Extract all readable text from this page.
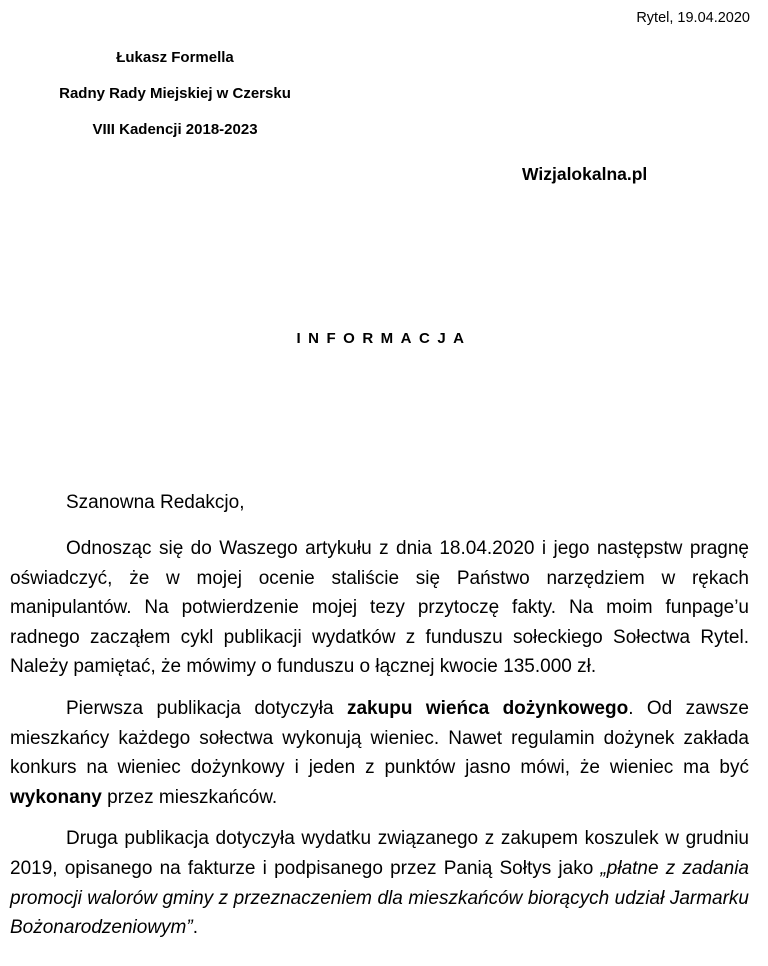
Rytel, 19.04.2020
Łukasz Formella
Radny Rady Miejskiej w Czersku
VIII Kadencji 2018-2023
Wizjalokalna.pl
INFORMACJA
Szanowna Redakcjo,

Odnosząc się do Waszego artykułu z dnia 18.04.2020 i jego następstw pragnę oświadczyć, że w mojej ocenie staliście się Państwo narzędziem w rękach manipulantów. Na potwierdzenie mojej tezy przytoczę fakty. Na moim funpage’u radnego zacząłem cykl publikacji wydatków z funduszu sołeckiego Sołectwa Rytel. Należy pamiętać, że mówimy o funduszu o łącznej kwocie 135.000 zł.

Pierwsza publikacja dotyczyła zakupu wieńca dożynkowego. Od zawsze mieszkańcy każdego sołectwa wykonują wieniec. Nawet regulamin dożynek zakłada konkurs na wieniec dożynkowy i jeden z punktów jasno mówi, że wieniec ma być wykonany przez mieszkańców.

Druga publikacja dotyczyła wydatku związanego z zakupem koszulek w grudniu 2019, opisanego na fakturze i podpisanego przez Panią Sołtys jako „płatne z zadania promocji walorów gminy z przeznaczeniem dla mieszkańców biorących udział Jarmarku Bożonarodzeniowym”.
